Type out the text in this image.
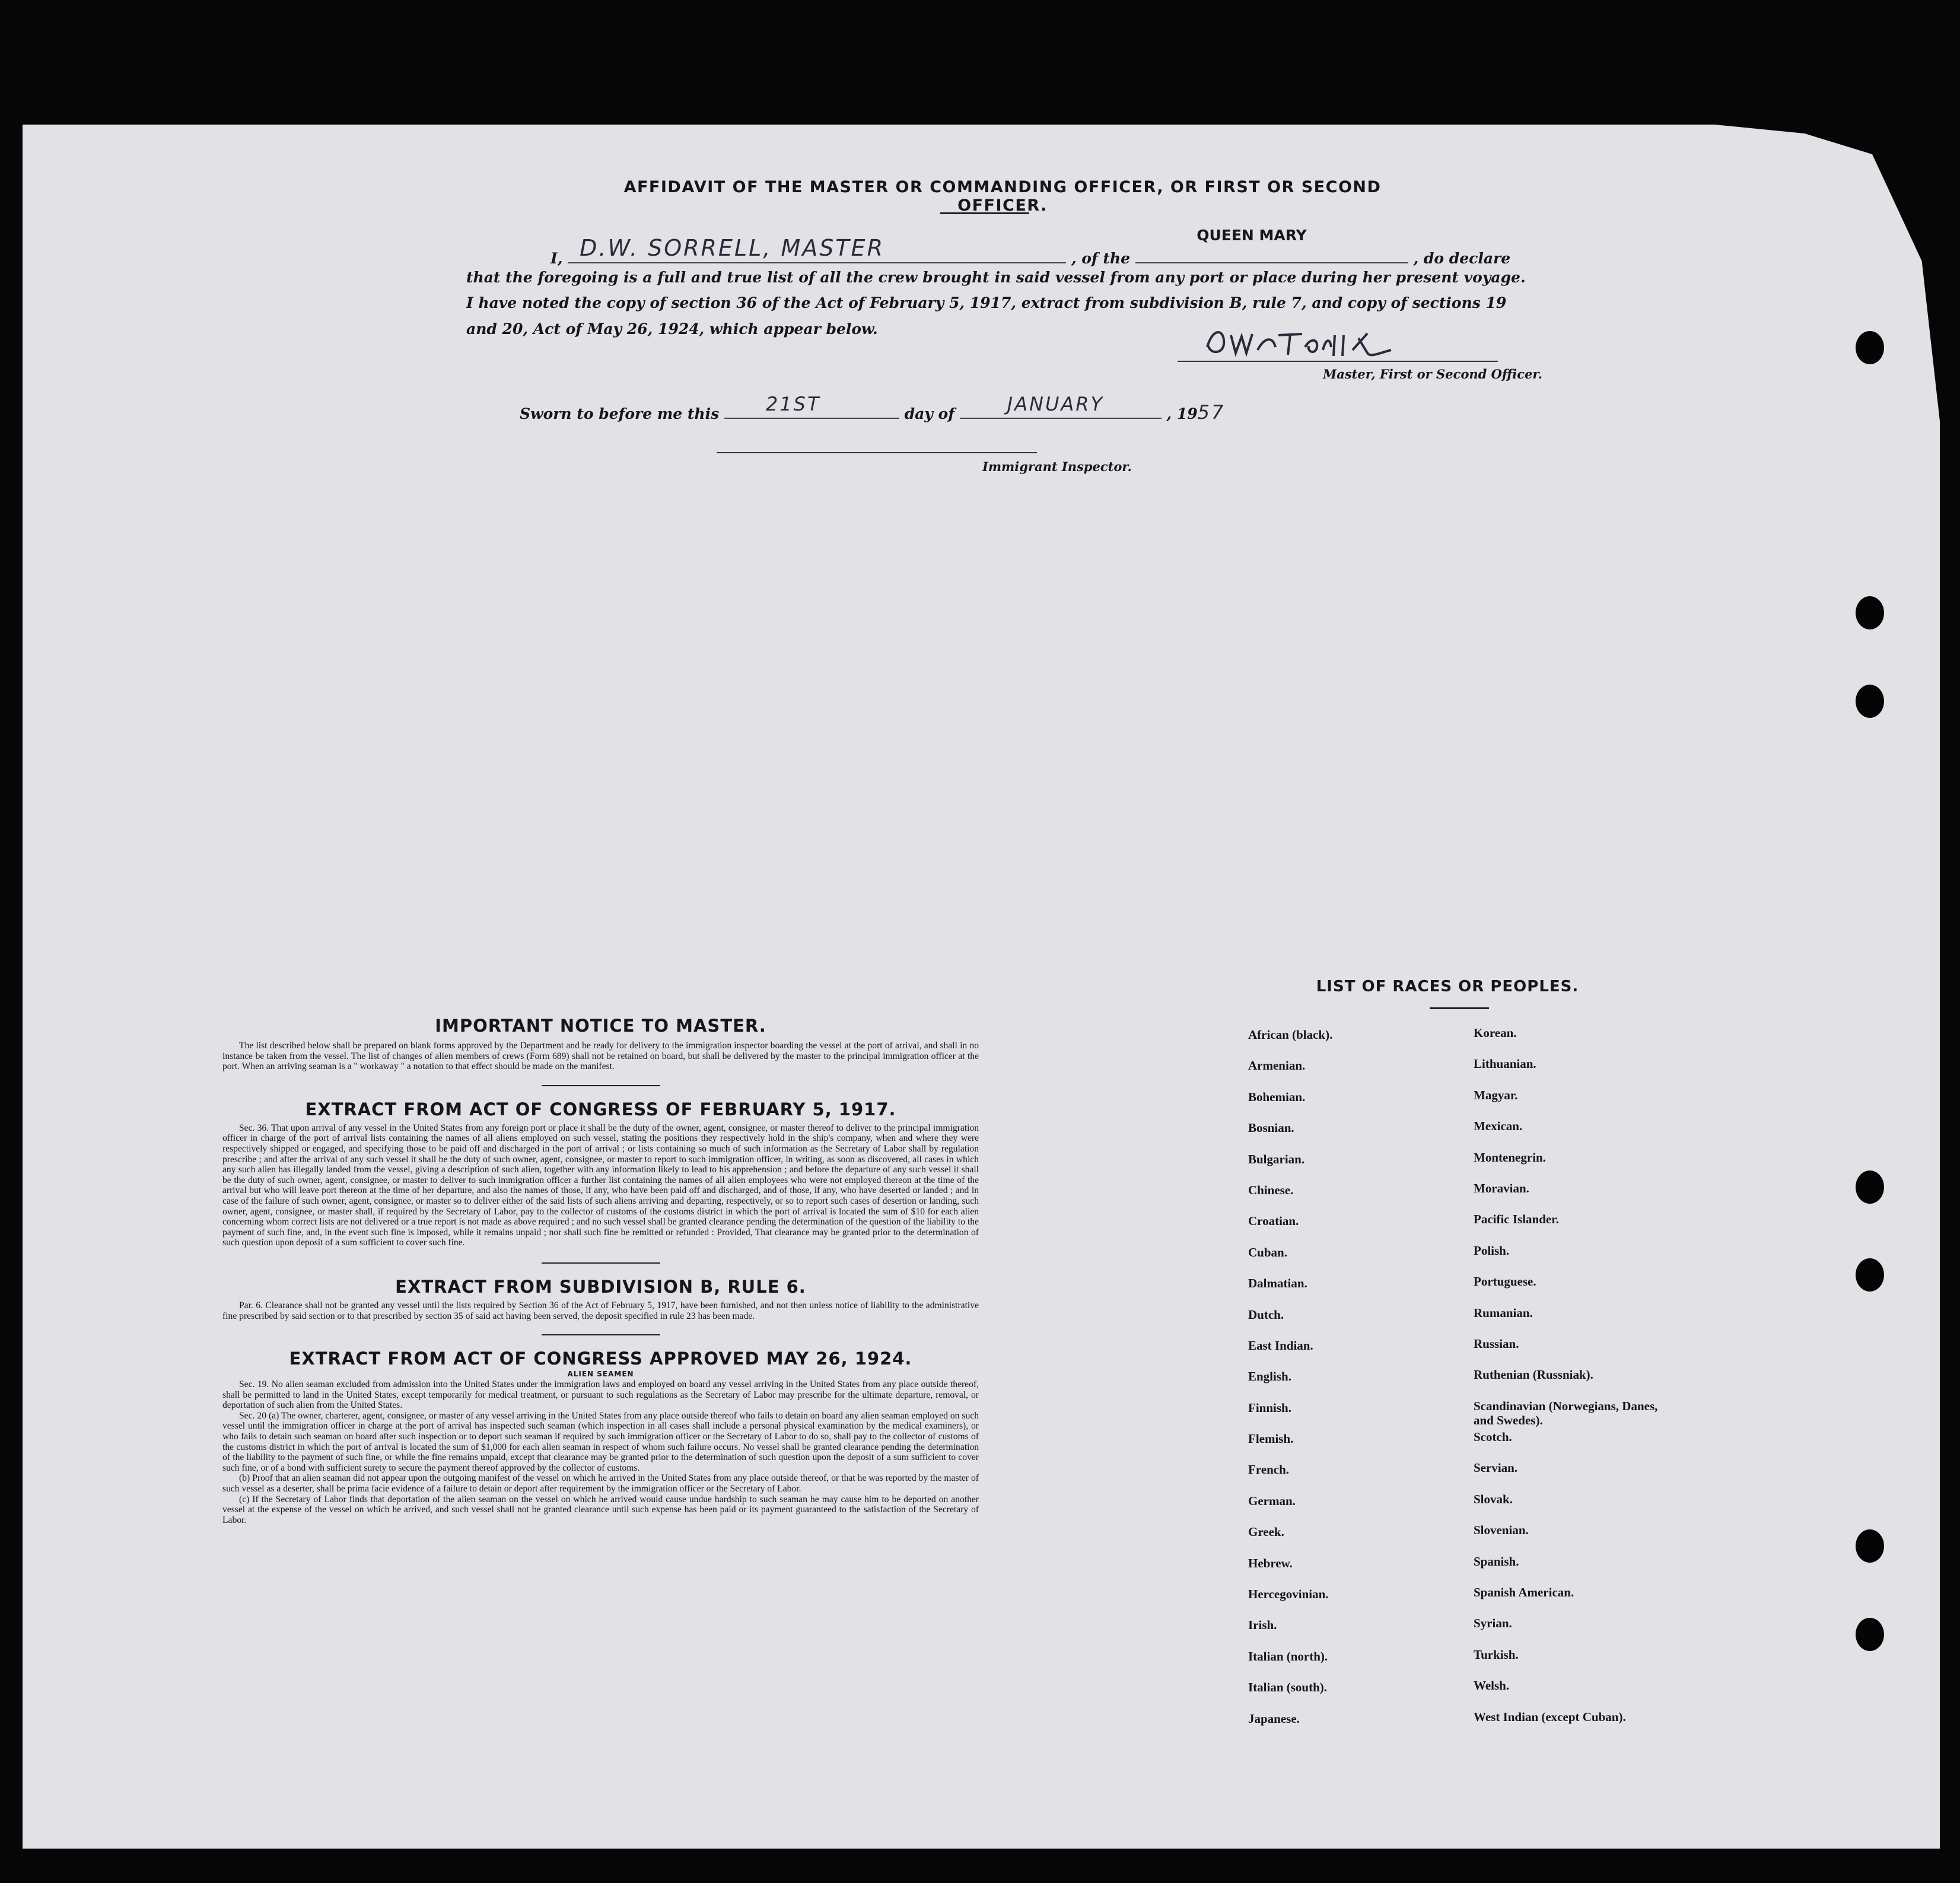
AFFIDAVIT OF THE MASTER OR COMMANDING OFFICER, OR FIRST OR SECOND OFFICER.
QUEEN MARY
I, D.W. SORRELL, MASTER	, of the	, do declare
that the foregoing is a full and true list of all the crew brought in said vessel from any port or place during her present voyage.
I have noted the copy of section 36 of the Act of February 5, 1917, extract from subdivision B, rule 7, and copy of sections 19
and 20, Act of May 26, 1924, which appear below.
Master, First or Second Officer.
Sworn to before me this 21ST	day of	JANUARY	, 1957
Immigrant Inspector.
IMPORTANT NOTICE TO MASTER.
The list described below shall be prepared on blank forms approved by the Department and be ready for delivery to the immigration inspector boarding the vessel at the port of arrival, and shall in no instance be taken from the vessel. The list of changes of alien members of crews (Form 689) shall not be retained on board, but shall be delivered by the master to the principal immigration officer at the port. When an arriving seaman is a " workaway " a notation to that effect should be made on the manifest.
EXTRACT FROM ACT OF CONGRESS OF FEBRUARY 5, 1917.
Sec. 36. That upon arrival of any vessel in the United States from any foreign port or place it shall be the duty of the owner, agent, consignee, or master thereof to deliver to the principal immigration officer in charge of the port of arrival lists containing the names of all aliens employed on such vessel, stating the positions they respectively hold in the ship's company, when and where they were respectively shipped or engaged, and specifying those to be paid off and discharged in the port of arrival ; or lists containing so much of such information as the Secretary of Labor shall by regulation prescribe ; and after the arrival of any such vessel it shall be the duty of such owner, agent, consignee, or master to report to such immigration officer, in writing, as soon as discovered, all cases in which any such alien has illegally landed from the vessel, giving a description of such alien, together with any information likely to lead to his apprehension ; and before the departure of any such vessel it shall be the duty of such owner, agent, consignee, or master to deliver to such immigration officer a further list containing the names of all alien employees who were not employed thereon at the time of the arrival but who will leave port thereon at the time of her departure, and also the names of those, if any, who have been paid off and discharged, and of those, if any, who have deserted or landed ; and in case of the failure of such owner, agent, consignee, or master so to deliver either of the said lists of such aliens arriving and departing, respectively, or so to report such cases of desertion or landing, such owner, agent, consignee, or master shall, if required by the Secretary of Labor, pay to the collector of customs of the customs district in which the port of arrival is located the sum of $10 for each alien concerning whom correct lists are not delivered or a true report is not made as above required ; and no such vessel shall be granted clearance pending the determination of the question of the liability to the payment of such fine, and, in the event such fine is imposed, while it remains unpaid ; nor shall such fine be remitted or refunded : Provided, That clearance may be granted prior to the determination of such question upon deposit of a sum sufficient to cover such fine.
EXTRACT FROM SUBDIVISION B, RULE 6.
Par. 6. Clearance shall not be granted any vessel until the lists required by Section 36 of the Act of February 5, 1917, have been furnished, and not then unless notice of liability to the administrative fine prescribed by said section or to that prescribed by section 35 of said act having been served, the deposit specified in rule 23 has been made.
EXTRACT FROM ACT OF CONGRESS APPROVED MAY 26, 1924.
ALIEN SEAMEN
Sec. 19. No alien seaman excluded from admission into the United States under the immigration laws and employed on board any vessel arriving in the United States from any place outside thereof, shall be permitted to land in the United States, except temporarily for medical treatment, or pursuant to such regulations as the Secretary of Labor may prescribe for the ultimate departure, removal, or deportation of such alien from the United States.
Sec. 20 (a) The owner, charterer, agent, consignee, or master of any vessel arriving in the United States from any place outside thereof who fails to detain on board any alien seaman employed on such vessel until the immigration officer in charge at the port of arrival has inspected such seaman (which inspection in all cases shall include a personal physical examination by the medical examiners), or who fails to detain such seaman on board after such inspection or to deport such seaman if required by such immigration officer or the Secretary of Labor to do so, shall pay to the collector of customs of the customs district in which the port of arrival is located the sum of $1,000 for each alien seaman in respect of whom such failure occurs. No vessel shall be granted clearance pending the determination of the liability to the payment of such fine, or while the fine remains unpaid, except that clearance may be granted prior to the determination of such question upon the deposit of a sum sufficient to cover such fine, or of a bond with sufficient surety to secure the payment thereof approved by the collector of customs.
(b) Proof that an alien seaman did not appear upon the outgoing manifest of the vessel on which he arrived in the United States from any place outside thereof, or that he was reported by the master of such vessel as a deserter, shall be prima facie evidence of a failure to detain or deport after requirement by the immigration officer or the Secretary of Labor.
(c) If the Secretary of Labor finds that deportation of the alien seaman on the vessel on which he arrived would cause undue hardship to such seaman he may cause him to be deported on another vessel at the expense of the vessel on which he arrived, and such vessel shall not be granted clearance until such expense has been paid or its payment guaranteed to the satisfaction of the Secretary of Labor.
LIST OF RACES OR PEOPLES.
African (black).
Armenian.
Bohemian.
Bosnian.
Bulgarian.
Chinese.
Croatian.
Cuban.
Dalmatian.
Dutch.
East Indian.
English.
Finnish.
Flemish.
French.
German.
Greek.
Hebrew.
Hercegovinian.
Irish.
Italian (north).
Italian (south).
Japanese.
Korean.
Lithuanian.
Magyar.
Mexican.
Montenegrin.
Moravian.
Pacific Islander.
Polish.
Portuguese.
Rumanian.
Russian.
Ruthenian (Russniak).
Scandinavian (Norwegians, Danes, and Swedes).
Scotch.
Servian.
Slovak.
Slovenian.
Spanish.
Spanish American.
Syrian.
Turkish.
Welsh.
West Indian (except Cuban).
